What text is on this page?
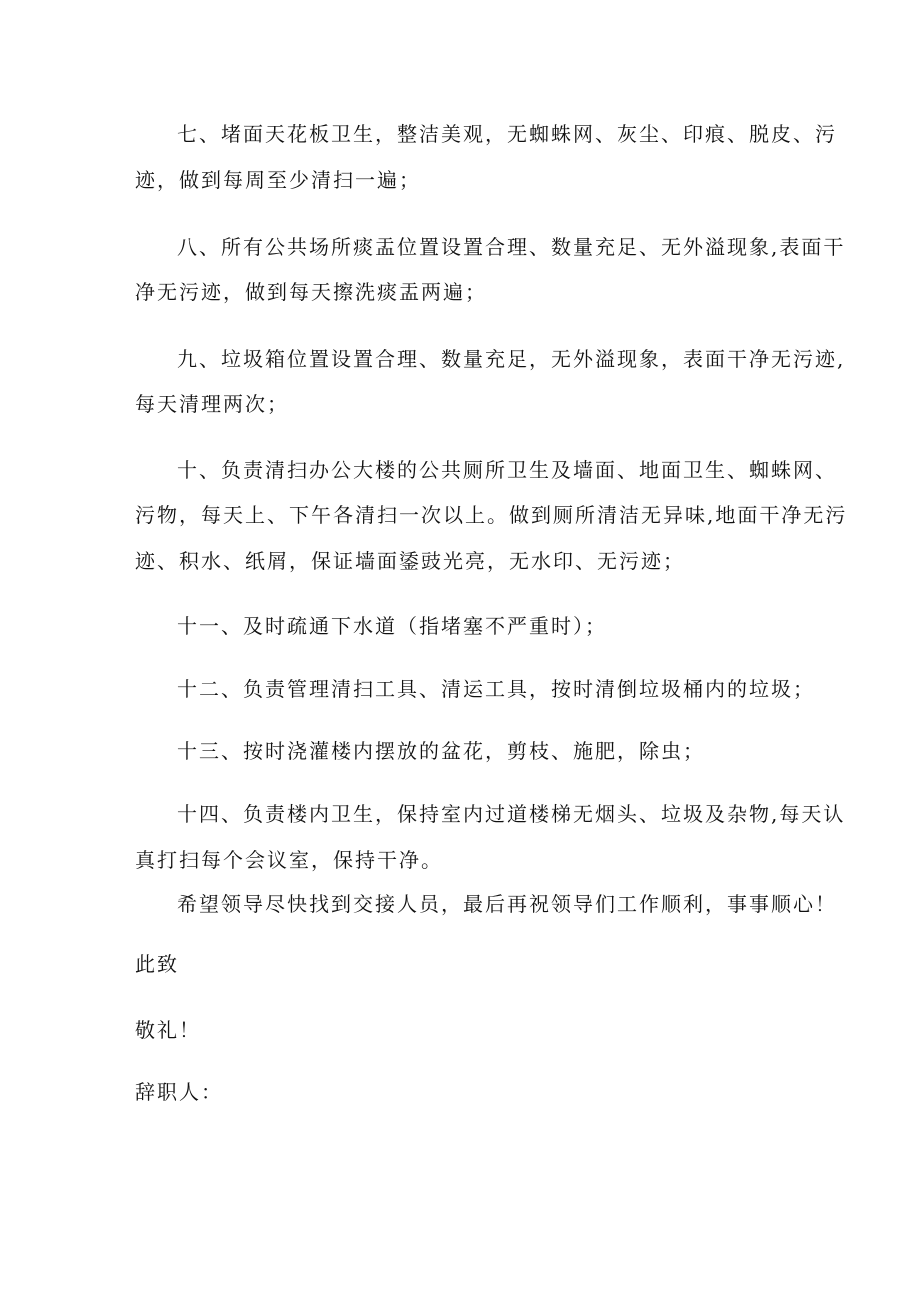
七、堵面天花板卫生，整洁美观，无蜘蛛网、灰尘、印痕、脱皮、污
迹，做到每周至少清扫一遍；
八、所有公共场所痰盂位置设置合理、数量充足、无外溢现象,表面干
净无污迹，做到每天擦洗痰盂两遍；
九、垃圾箱位置设置合理、数量充足，无外溢现象，表面干净无污迹,
每天清理两次；
十、负责清扫办公大楼的公共厕所卫生及墙面、地面卫生、蜘蛛网、
污物，每天上、下午各清扫一次以上。做到厕所清洁无异味,地面干净无污
迹、积水、纸屑，保证墙面鋈豉光亮，无水印、无污迹；
十一、及时疏通下水道（指堵塞不严重时）；
十二、负责管理清扫工具、清运工具，按时清倒垃圾桶内的垃圾；
十三、按时浇灌楼内摆放的盆花，剪枝、施肥，除虫；
十四、负责楼内卫生，保持室内过道楼梯无烟头、垃圾及杂物,每天认
真打扫每个会议室，保持干净。
希望领导尽快找到交接人员，最后再祝领导们工作顺利，事事顺心！
此致
敬礼！
辞职人：
